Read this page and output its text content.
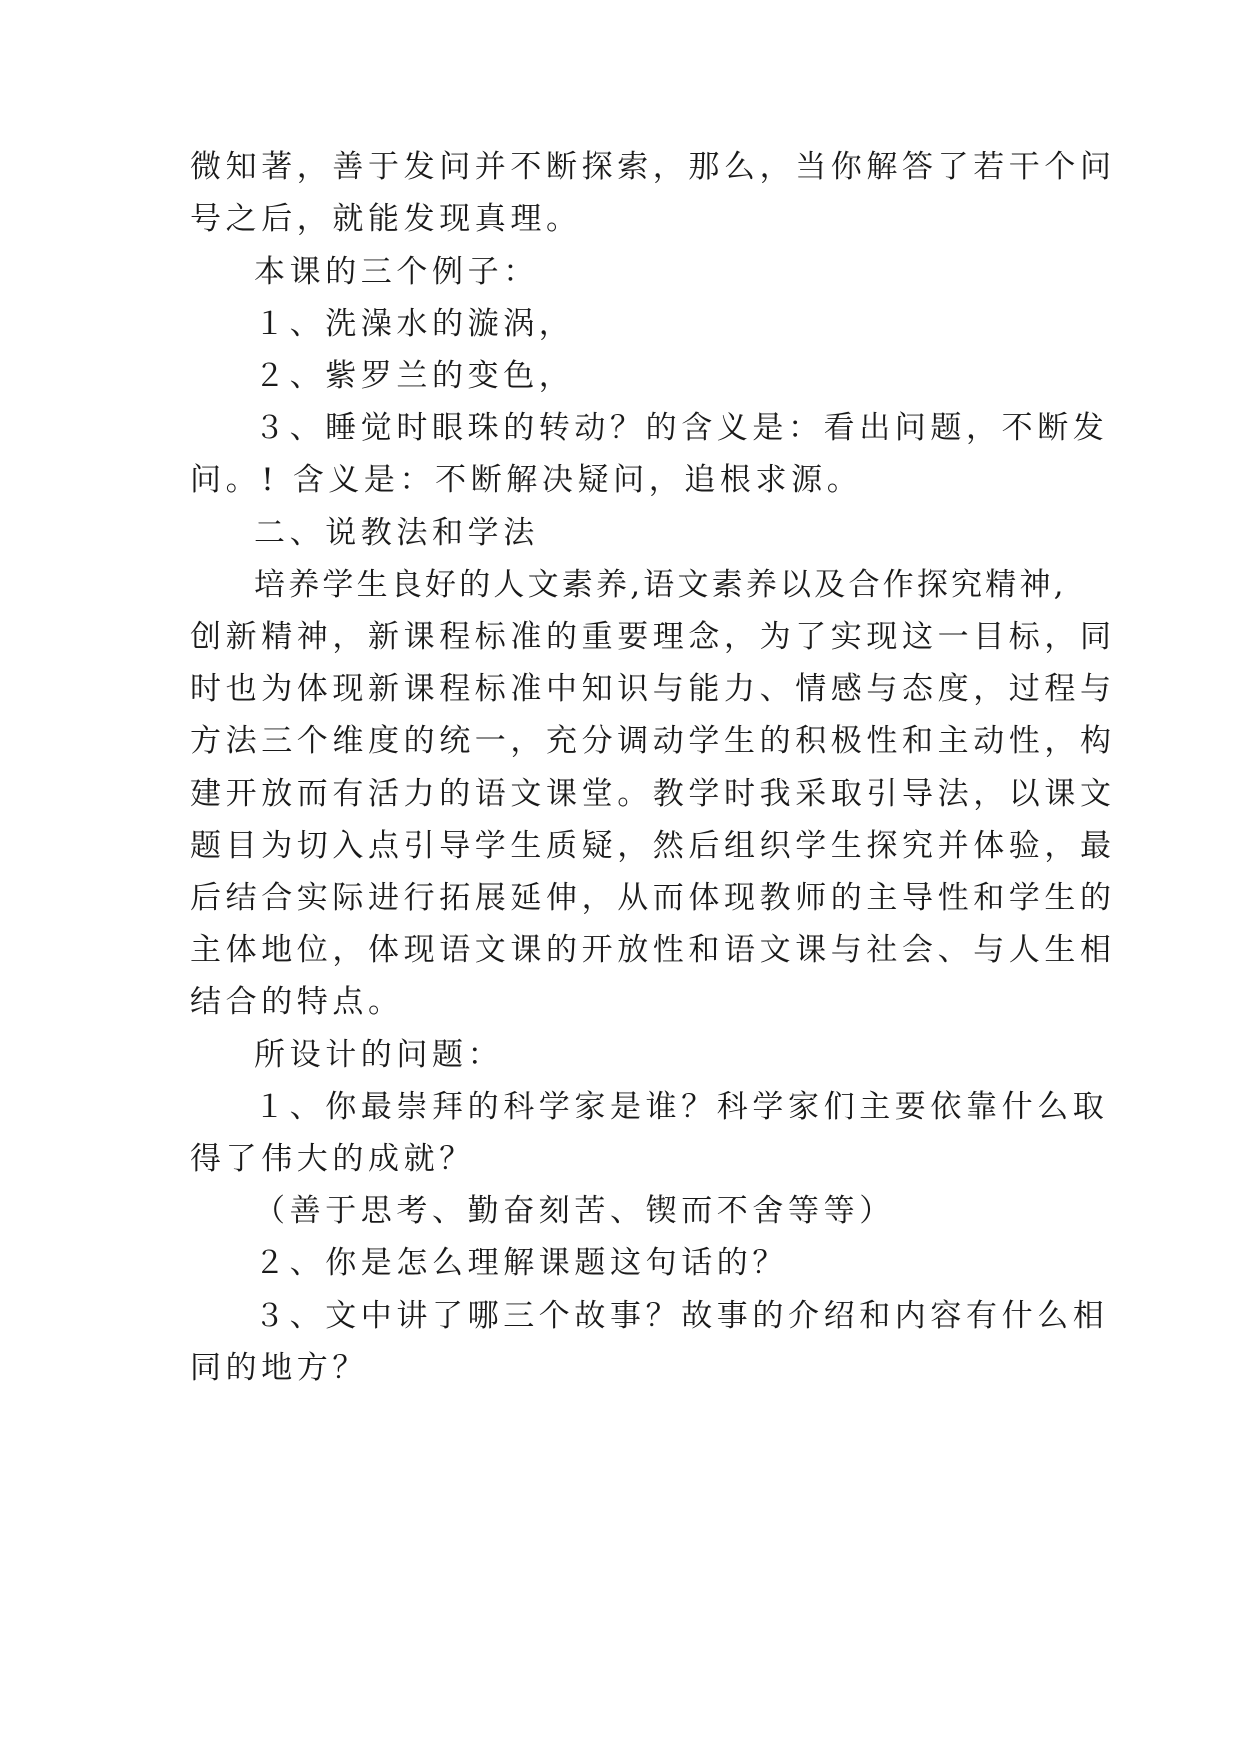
微知著，善于发问并不断探索，那么，当你解答了若干个问
号之后，就能发现真理。
本课的三个例子：
１、洗澡水的漩涡，
２、紫罗兰的变色，
３、睡觉时眼珠的转动？的含义是：看出问题，不断发
问。! 含义是：不断解决疑问，追根求源。
二、说教法和学法
培养学生良好的人文素养,语文素养以及合作探究精神,
创新精神，新课程标准的重要理念，为了实现这一目标，同
时也为体现新课程标准中知识与能力、情感与态度，过程与
方法三个维度的统一，充分调动学生的积极性和主动性，构
建开放而有活力的语文课堂。教学时我采取引导法，以课文
题目为切入点引导学生质疑，然后组织学生探究并体验，最
后结合实际进行拓展延伸，从而体现教师的主导性和学生的
主体地位，体现语文课的开放性和语文课与社会、与人生相
结合的特点。
所设计的问题：
１、你最崇拜的科学家是谁？科学家们主要依靠什么取
得了伟大的成就？
（善于思考、勤奋刻苦、锲而不舍等等）
２、你是怎么理解课题这句话的？
３、文中讲了哪三个故事？故事的介绍和内容有什么相
同的地方？
